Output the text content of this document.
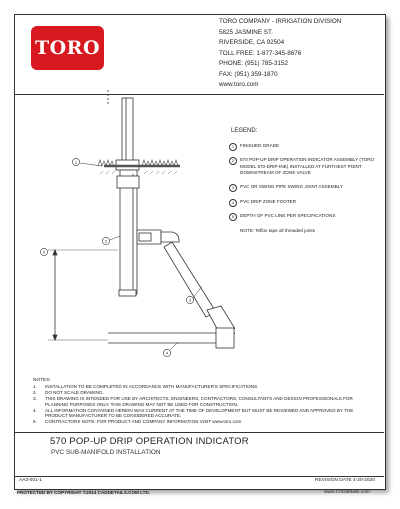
TORO
TORO COMPANY - IRRIGATION DIVISION
5825 JASMINE ST.
RIVERSIDE, CA 92504
TOLL FREE: 1-877-345-8676
PHONE: (951) 785-3152
FAX: (951) 359-1870
www.toro.com
1
2
3
4
5
LEGEND:
1	FINISHED GRADE
2	570 POP-UP DRIP OPERATION INDICATOR ASSEMBLY (TORO MODEL 570-DRIP-INE) INSTALLED AT FURTHEST POINT DOWNSTREAM OF ZONE VALVE
3	PVC OR SWING PIPE SWING JOINT ASSEMBLY
4	PVC DRIP ZONE FOOTER
5	DEPTH OF PVC LINE PER SPECIFICATIONS
NOTE: Teflon tape all threaded joints
NOTES:
1. INSTALLATION TO BE COMPLETED IN ACCORDANCE WITH MANUFACTURER'S SPECIFICATIONS.
2. DO NOT SCALE DRAWING.
3. THIS DRAWING IS INTENDED FOR USE BY ARCHITECTS, ENGINEERS, CONTRACTORS, CONSULTANTS AND DESIGN PROFESSIONALS FOR PLANNING PURPOSES ONLY. THIS DRAWING MAY NOT BE USED FOR CONSTRUCTION.
4. ALL INFORMATION CONTAINED HEREIN WAS CURRENT AT THE TIME OF DEVELOPMENT BUT MUST BE REVIEWED AND APPROVED BY THE PRODUCT MANUFACTURER TO BE CONSIDERED ACCURATE.
5. CONTRACTORS NOTE: FOR PRODUCT AND COMPANY INFORMATION VISIT www.toro.com
570 POP-UP DRIP OPERATION INDICATOR
PVC SUB-MANIFOLD INSTALLATION
AA3-001-1	REVISION DATE 4-20-2020
PROTECTED BY COPYRIGHT ©2014 CADDETAILS.COM LTD.	www.CADdetails.com
